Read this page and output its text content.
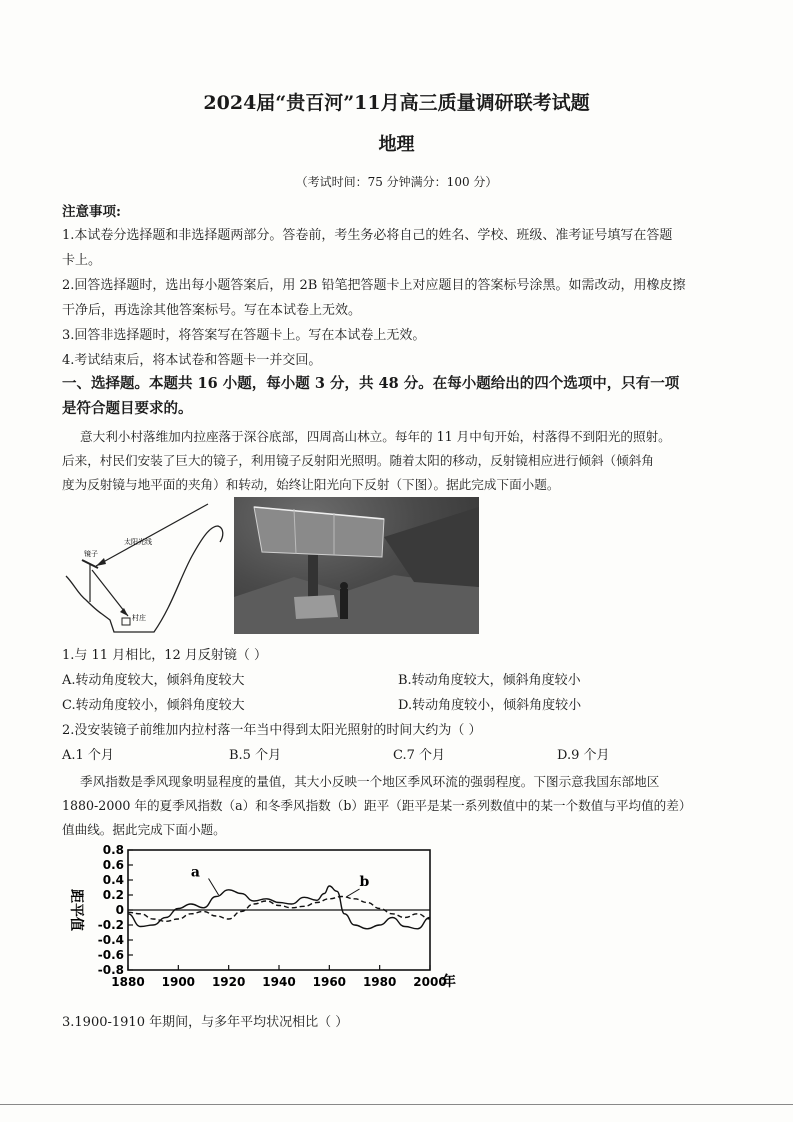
2024届“贵百河”11月高三质量调研联考试题
地理
（考试时间：75 分钟满分：100 分）
注意事项:
1.本试卷分选择题和非选择题两部分。答卷前，考生务必将自己的姓名、学校、班级、准考证号填写在答题
卡上。
2.回答选择题时，选出每小题答案后，用 2B 铅笔把答题卡上对应题目的答案标号涂黑。如需改动，用橡皮擦
干净后，再选涂其他答案标号。写在本试卷上无效。
3.回答非选择题时，将答案写在答题卡上。写在本试卷上无效。
4.考试结束后，将本试卷和答题卡一并交回。
一、选择题。本题共 16 小题，每小题 3 分，共 48 分。在每小题给出的四个选项中，只有一项
是符合题目要求的。
意大利小村落维加内拉座落于深谷底部，四周高山林立。每年的 11 月中旬开始，村落得不到阳光的照射。
后来，村民们安装了巨大的镜子，利用镜子反射阳光照明。随着太阳的移动，反射镜相应进行倾斜（倾斜角
度为反射镜与地平面的夹角）和转动，始终让阳光向下反射（下图）。据此完成下面小题。
镜子
太阳光线
村庄
1.与 11 月相比，12 月反射镜（ ）
A.转动角度较大，倾斜角度较大	B.转动角度较大，倾斜角度较小
C.转动角度较小，倾斜角度较大	D.转动角度较小，倾斜角度较小
2.没安装镜子前维加内拉村落一年当中得到太阳光照射的时间大约为（ ）
A.1 个月	B.5 个月	C.7 个月	D.9 个月
季风指数是季风现象明显程度的量值，其大小反映一个地区季风环流的强弱程度。下图示意我国东部地区
1880-2000 年的夏季风指数（a）和冬季风指数（b）距平（距平是某一系列数值中的某一个数值与平均值的差）
值曲线。据此完成下面小题。
0.8
0.6
0.4
0.2
0
-0.2
-0.4
-0.6
-0.8
1880 1900 1920 1940 1960 1980 2000
距平值
年
a
b
3.1900-1910 年期间，与多年平均状况相比（ ）
